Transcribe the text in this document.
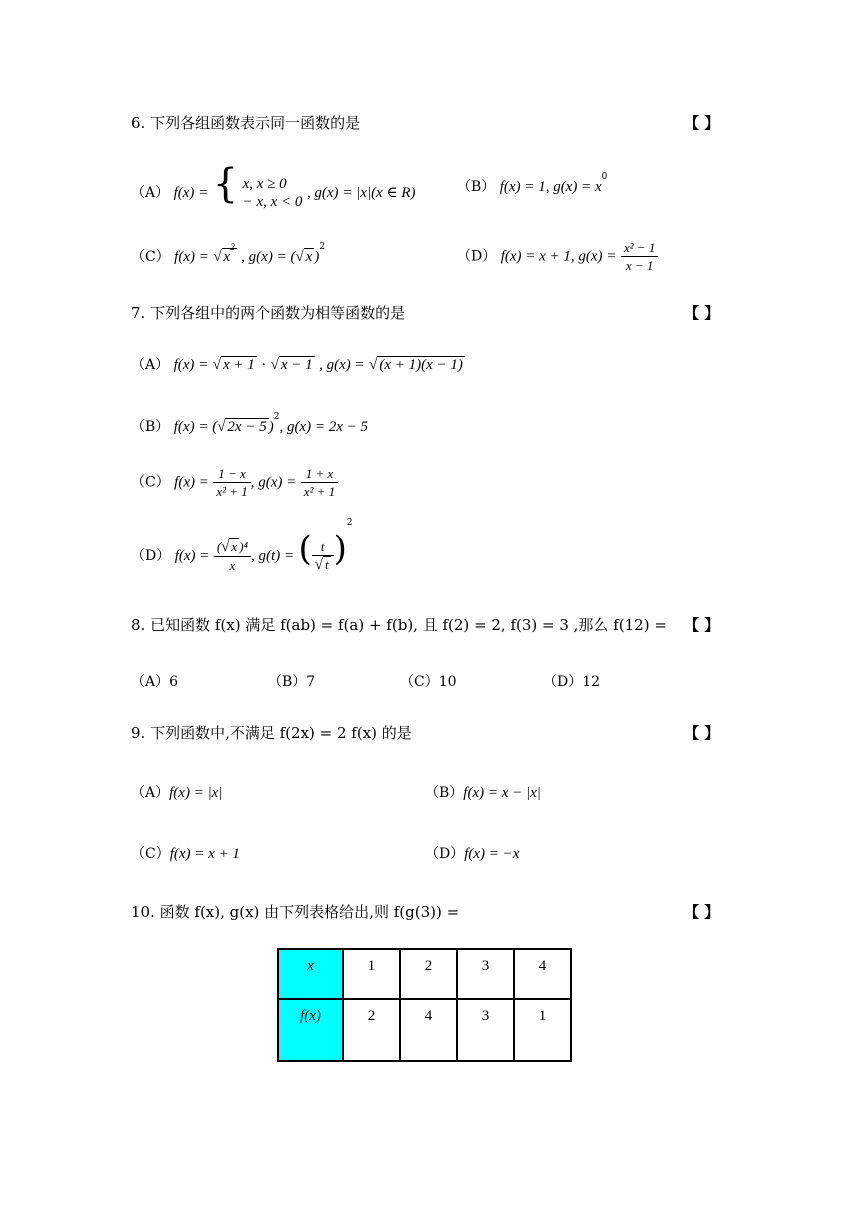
6. 下列各组函数表示同一函数的是	【 】
（A） f(x) = { x, x ≥ 0
− x, x < 0
, g(x) = |x|(x ∈ R)	（B） f(x) = 1, $g(x) = x^0$
（C） f(x) = √ $x^2$ , g(x) = (√ x )$^2$
（D） f(x) = x + 1, $g(x) = \frac{\text{x² − 1}}{x - 1}$
7. 下列各组中的两个函数为相等函数的是	【 】
（A） f(x) = √ x + 1 · √ x − 1 , g(x) = √ (x + 1)(x − 1)
（B） f(x) = (√ 2x − 5 )$^2$, g(x) = 2x − 5
（C） $f(x) = \frac{1 - x}{\text{x² + 1}}$ , $g(x) = \frac{1 + x}{\text{x² + 1}}$
（D） $f(x) = \frac{\text{(√ x )⁴}}{x}$ , g(t) = ( $\frac{t}{√ t} )^2$
8. 已知函数 f(x) 满足 f(ab) = f(a) + f(b), 且 f(2) = 2, f(3) = 3 ,那么 f(12) = 【 】
（A）6	（B）7	（C）10	（D）12
9. 下列函数中,不满足 f(2x) = 2 f(x) 的是	【 】
（A）f(x) = |x|	（B）f(x) = x − |x|
（C）f(x) = x + 1	（D）f(x) = −x
10. 函数 f(x), g(x) 由下列表格给出,则 f(g(3)) =	【 】
x	1	2	3	4
f(x)	2	4	3	1
